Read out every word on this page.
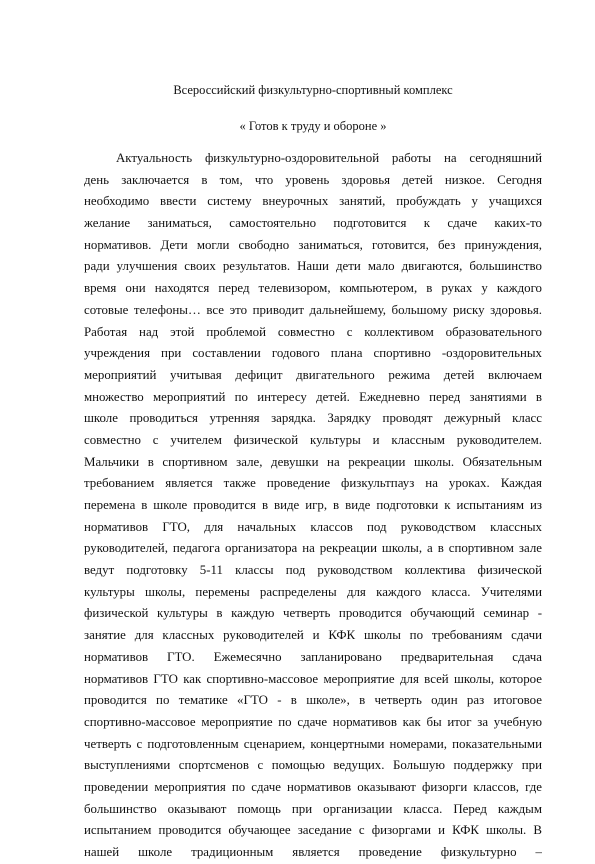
Всероссийский физкультурно-спортивный комплекс
« Готов к труду и обороне »
Актуальность физкультурно-оздоровительной работы на сегодняшний
день заключается в том, что уровень здоровья детей низкое. Сегодня
необходимо ввести систему внеурочных занятий, пробуждать у учащихся
желание заниматься, самостоятельно подготовится к сдаче каких-то
нормативов. Дети могли свободно заниматься, готовится, без принуждения,
ради улучшения своих результатов. Наши дети мало двигаются, большинство
время они находятся перед телевизором, компьютером, в руках у каждого
сотовые телефоны… все это приводит дальнейшему, большому риску здоровья.
Работая над этой проблемой совместно с коллективом образовательного
учреждения при составлении годового плана спортивно -оздоровительных
мероприятий учитывая дефицит двигательного режима детей включаем
множество мероприятий по интересу детей. Ежедневно перед занятиями в
школе проводиться утренняя зарядка. Зарядку проводят дежурный класс
совместно с учителем физической культуры и классным руководителем.
Мальчики в спортивном зале, девушки на рекреации школы. Обязательным
требованием является также проведение физкультпауз на уроках. Каждая
перемена в школе проводится в виде игр, в виде подготовки к испытаниям из
нормативов ГТО, для начальных классов под руководством классных
руководителей, педагога организатора на рекреации школы, а в спортивном зале
ведут подготовку 5-11 классы под руководством коллектива физической
культуры школы, перемены распределены для каждого класса. Учителями
физической культуры в каждую четверть проводится обучающий семинар -
занятие для классных руководителей и КФК школы по требованиям сдачи
нормативов ГТО. Ежемесячно запланировано предварительная сдача
нормативов ГТО как спортивно-массовое мероприятие для всей школы, которое
проводится по тематике «ГТО - в школе», в четверть один раз итоговое
спортивно-массовое мероприятие по сдаче нормативов как бы итог за учебную
четверть с подготовленным сценарием, концертными номерами, показательными
выступлениями спортсменов с помощью ведущих. Большую поддержку при
проведении мероприятия по сдаче нормативов оказывают физорги классов, где
большинство оказывают помощь при организации класса. Перед каждым
испытанием проводится обучающее заседание с физоргами и КФК школы. В
нашей школе традиционным является проведение физкультурно –
